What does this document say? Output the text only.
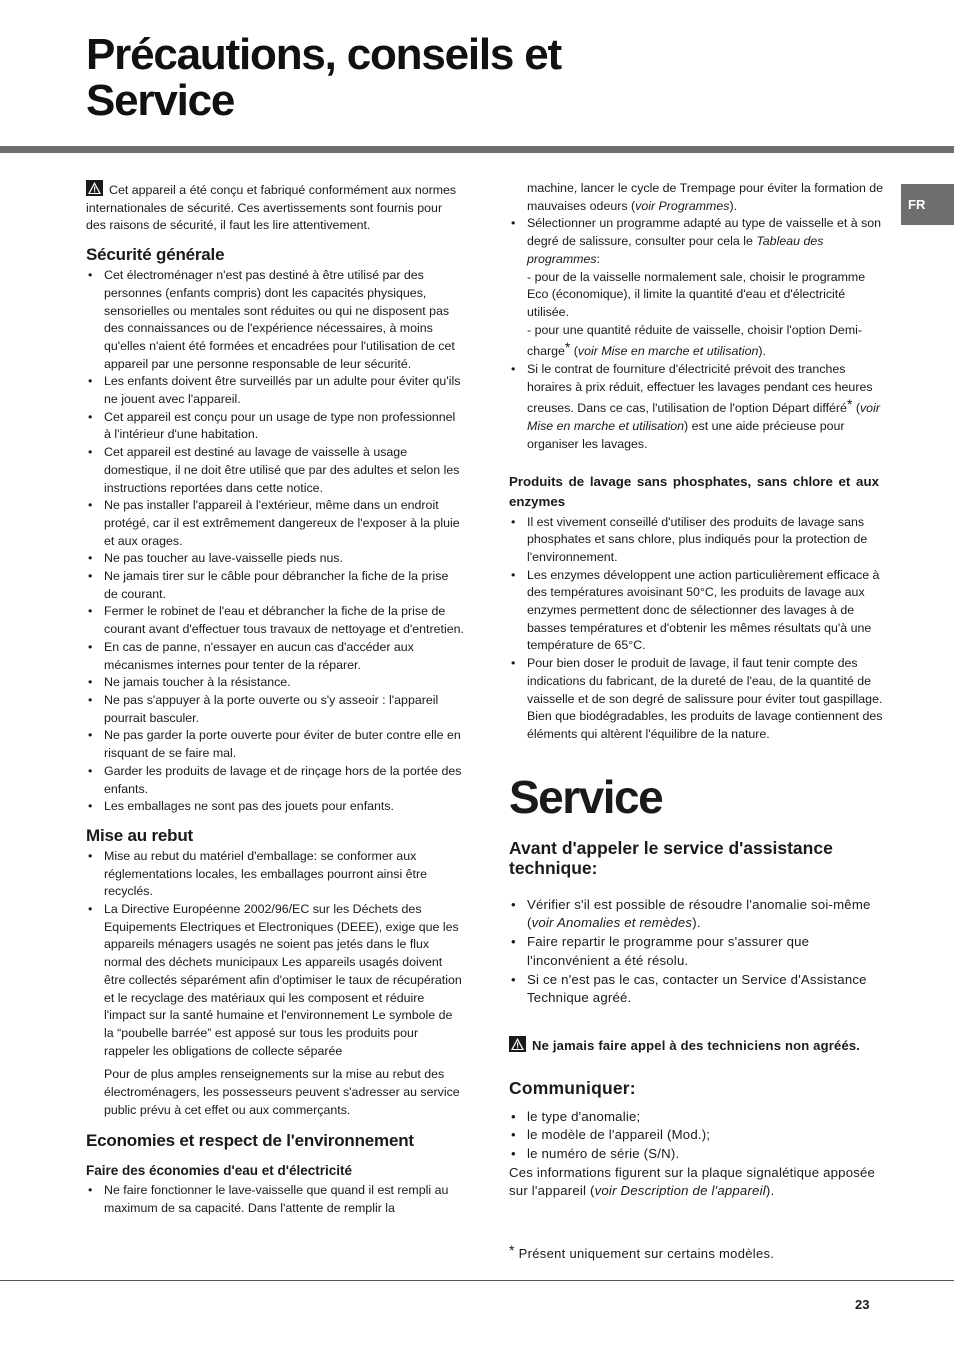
Précautions, conseils et Service
FR

Cet appareil a été conçu et fabriqué conformément aux normes internationales de sécurité. Ces avertissements sont fournis pour des raisons de sécurité, il faut les lire attentivement.

Sécurité générale
• Cet électroménager n'est pas destiné à être utilisé par des personnes (enfants compris) dont les capacités physiques, sensorielles ou mentales sont réduites ou qui ne disposent pas des connaissances ou de l'expérience nécessaires, à moins qu'elles n'aient été formées et encadrées pour l'utilisation de cet appareil par une personne responsable de leur sécurité.
• Les enfants doivent être surveillés par un adulte pour éviter qu'ils ne jouent avec l'appareil.
• Cet appareil est conçu pour un usage de type non professionnel à l'intérieur d'une habitation.
• Cet appareil est destiné au lavage de vaisselle à usage domestique, il ne doit être utilisé que par des adultes et selon les instructions reportées dans cette notice.
• Ne pas installer l'appareil à l'extérieur, même dans un endroit protégé, car il est extrêmement dangereux de l'exposer à la pluie et aux orages.
• Ne pas toucher au lave-vaisselle pieds nus.
• Ne jamais tirer sur le câble pour débrancher la fiche de la prise de courant.
• Fermer le robinet de l'eau et débrancher la fiche de la prise de courant avant d'effectuer tous travaux de nettoyage et d'entretien.
• En cas de panne, n'essayer en aucun cas d'accéder aux mécanismes internes pour tenter de la réparer.
• Ne jamais toucher à la résistance.
• Ne pas s'appuyer à la porte ouverte ou s'y asseoir : l'appareil pourrait basculer.
• Ne pas garder la porte ouverte pour éviter de buter contre elle en risquant de se faire mal.
• Garder les produits de lavage et de rinçage hors de la portée des enfants.
• Les emballages ne sont pas des jouets pour enfants.
Mise au rebut
• Mise au rebut du matériel d'emballage: se conformer aux réglementations locales, les emballages pourront ainsi être recyclés.
• La Directive Européenne 2002/96/EC sur les Déchets des Equipements Electriques et Electroniques (DEEE), exige que les appareils ménagers usagés ne soient pas jetés dans le flux normal des déchets municipaux Les appareils usagés doivent être collectés séparément afin d'optimiser le taux de récupération et le recyclage des matériaux qui les composent et réduire l'impact sur la santé humaine et l'environnement Le symbole de la “poubelle barrée” est apposé sur tous les produits pour rappeler les obligations de collecte séparée

Pour de plus amples renseignements sur la mise au rebut des électroménagers, les possesseurs peuvent s'adresser au service public prévu à cet effet ou aux commerçants.

Economies et respect de l'environnement
Faire des économies d'eau et d'électricité
• Ne faire fonctionner le lave-vaisselle que quand il est rempli au maximum de sa capacité. Dans l'attente de remplir la

machine, lancer le cycle de Trempage pour éviter la formation de mauvaises odeurs (voir Programmes).

• Sélectionner un programme adapté au type de vaisselle et à son degré de salissure, consulter pour cela le Tableau des programmes:
- pour de la vaisselle normalement sale, choisir le programme Eco (économique), il limite la quantité d'eau et d'électricité utilisée.
- pour une quantité réduite de vaisselle, choisir l'option Demi-charge* (voir Mise en marche et utilisation).
• Si le contrat de fourniture d'électricité prévoit des tranches horaires à prix réduit, effectuer les lavages pendant ces heures creuses. Dans ce cas, l'utilisation de l'option Départ différé* (voir Mise en marche et utilisation) est une aide précieuse pour organiser les lavages.
Produits de lavage sans phosphates, sans chlore et aux enzymes
• Il est vivement conseillé d'utiliser des produits de lavage sans phosphates et sans chlore, plus indiqués pour la protection de l'environnement.
• Les enzymes développent une action particulièrement efficace à des températures avoisinant 50°C, les produits de lavage aux enzymes permettent donc de sélectionner des lavages à de basses températures et d'obtenir les mêmes résultats qu'à une température de 65°C.
• Pour bien doser le produit de lavage, il faut tenir compte des indications du fabricant, de la dureté de l'eau, de la quantité de vaisselle et de son degré de salissure pour éviter tout gaspillage. Bien que biodégradables, les produits de lavage contiennent des éléments qui altèrent l'équilibre de la nature.
Service
Avant d'appeler le service d'assistance technique:
• Vérifier s'il est possible de résoudre l'anomalie soi-même (voir Anomalies et remèdes).
• Faire repartir le programme pour s'assurer que l'inconvénient a été résolu.
• Si ce n'est pas le cas, contacter un Service d'Assistance Technique agréé.

Ne jamais faire appel à des techniciens non agréés.

Communiquer:
• le type d'anomalie;
• le modèle de l'appareil (Mod.);
• le numéro de série (S/N).

Ces informations figurent sur la plaque signalétique apposée sur l'appareil (voir Description de l'appareil).

* Présent uniquement sur certains modèles.

23
